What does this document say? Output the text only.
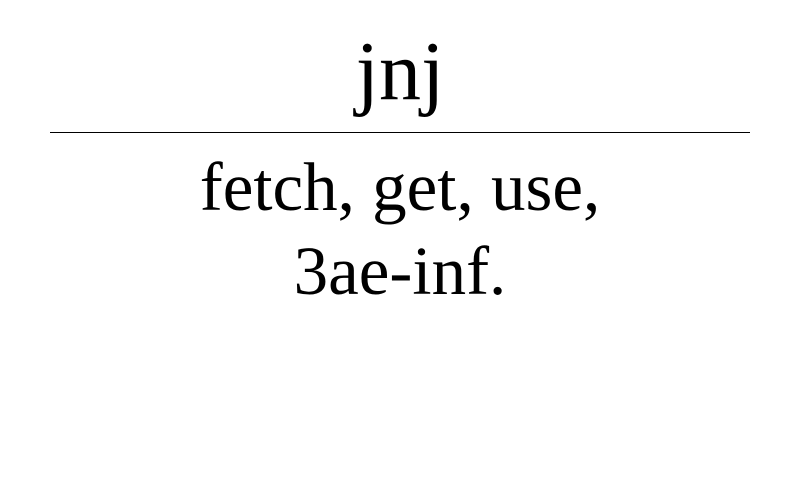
jnj
fetch, get, use,
3ae-inf.
